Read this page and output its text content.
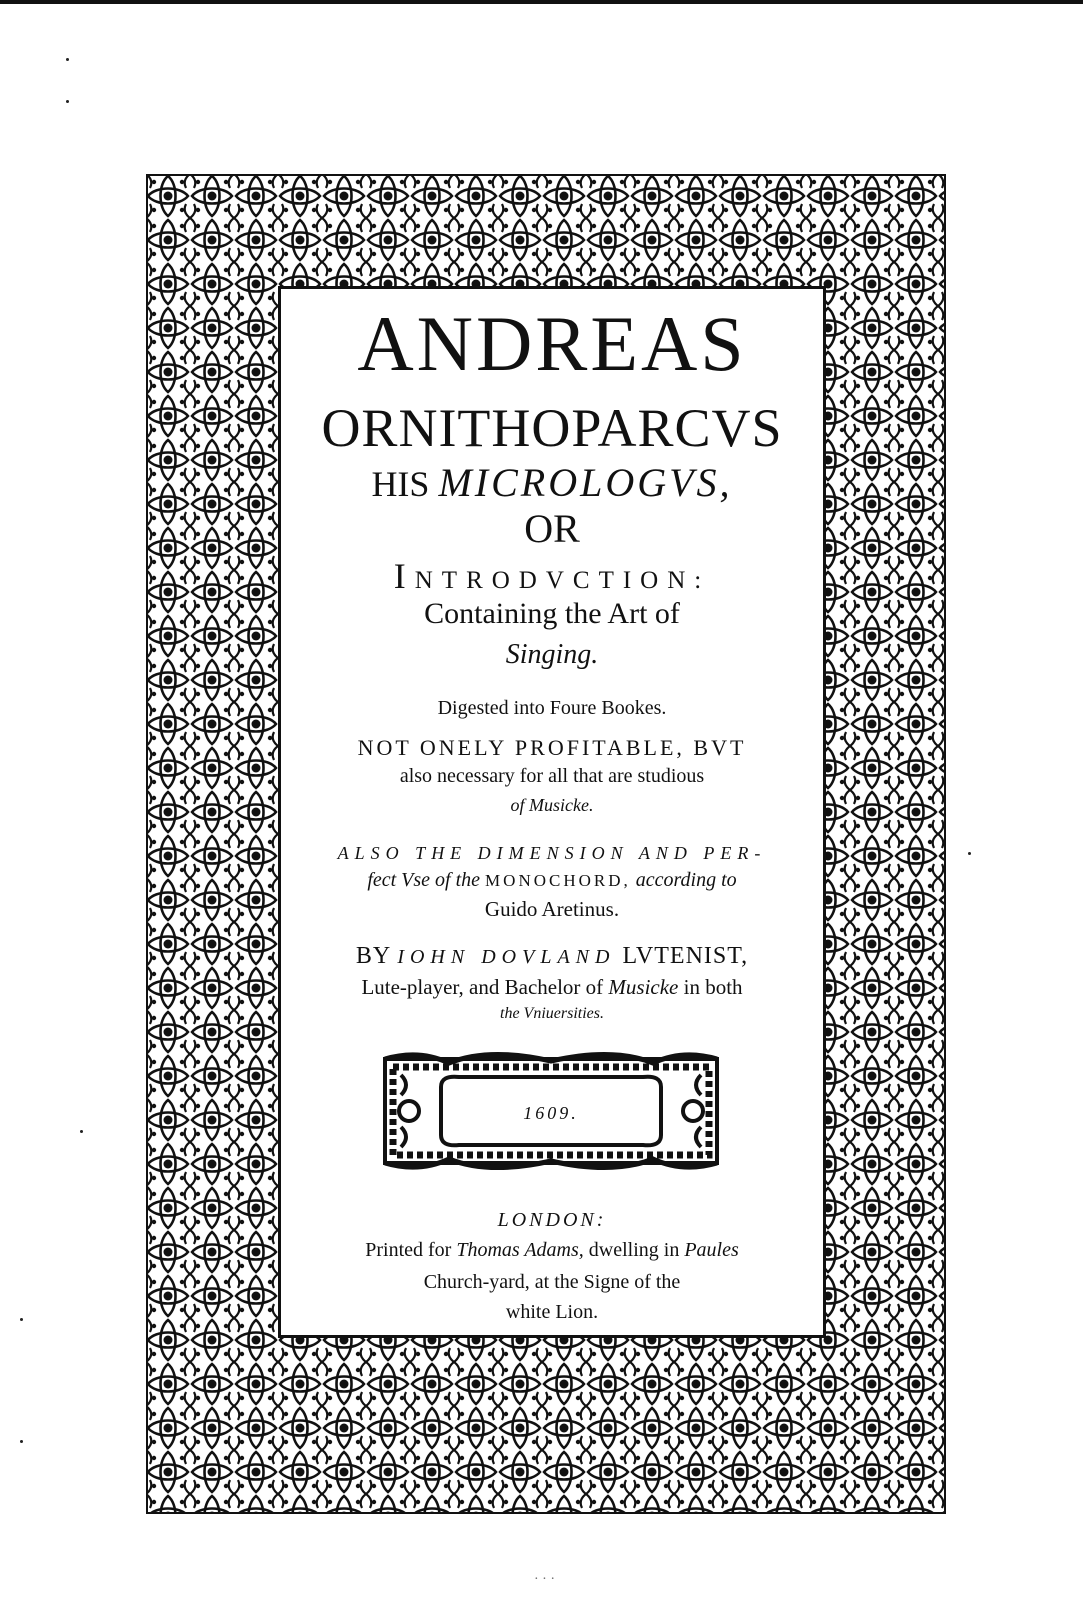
ANDREAS
ORNITHOPARCVS
HIS MICROLOGVS,
OR
INTRODVCTION:
Containing the Art of
Singing.
Digested into Foure Bookes.
NOT ONELY PROFITABLE, BVT
also necessary for all that are studious
of Musicke.
ALSO THE DIMENSION AND PER-
fect Vse of the MONOCHORD, according to
Guido Aretinus.
BY IOHN DOVLAND LVTENIST,
Lute-player, and Bachelor of Musicke in both
the Vniuersities.
1609.
LONDON:
Printed for Thomas Adams, dwelling in Paules
Church-yard, at the Signe of the
white Lion.
· · ·
